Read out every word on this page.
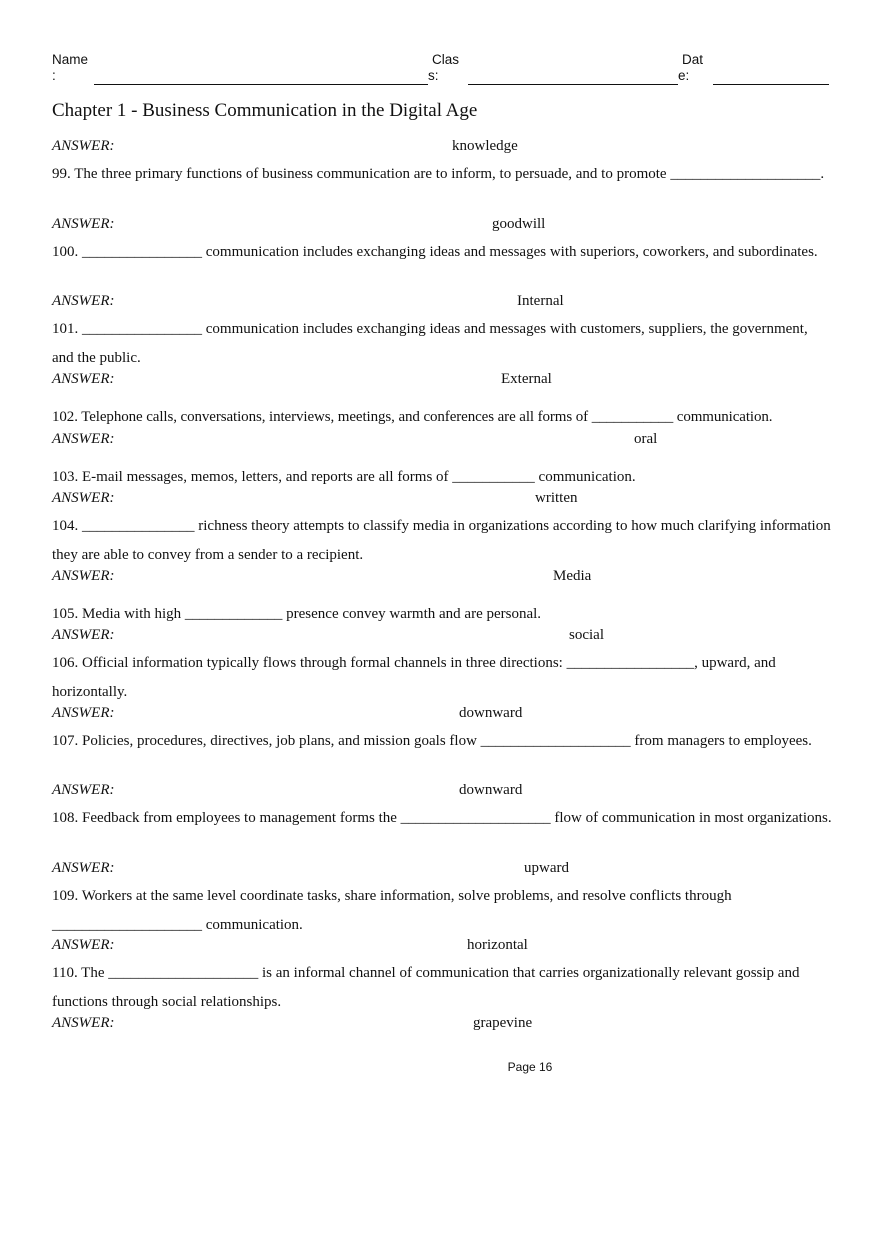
Name
:
Clas
s:
Dat
e:
Chapter 1 - Business Communication in the Digital Age
ANSWER:	knowledge
99. The three primary functions of business communication are to inform, to persuade, and to promote ____________________.
ANSWER:	goodwill
100. ________________ communication includes exchanging ideas and messages with superiors, coworkers, and subordinates.
ANSWER:	Internal
101. ________________ communication includes exchanging ideas and messages with customers, suppliers, the government, and the public.
ANSWER:	External
102. Telephone calls, conversations, interviews, meetings, and conferences are all forms of ___________ communication.
ANSWER:	oral
103. E-mail messages, memos, letters, and reports are all forms of ___________ communication.
ANSWER:	written
104. _______________ richness theory attempts to classify media in organizations according to how much clarifying information they are able to convey from a sender to a recipient.
ANSWER:	Media
105. Media with high _____________ presence convey warmth and are personal.
ANSWER:	social
106. Official information typically flows through formal channels in three directions: _________________, upward, and horizontally.
ANSWER:	downward
107. Policies, procedures, directives, job plans, and mission goals flow ____________________ from managers to employees.
ANSWER:	downward
108. Feedback from employees to management forms the ____________________ flow of communication in most organizations.
ANSWER:	upward
109. Workers at the same level coordinate tasks, share information, solve problems, and resolve conflicts through ____________________ communication.
ANSWER:	horizontal
110. The ____________________ is an informal channel of communication that carries organizationally relevant gossip and functions through social relationships.
ANSWER:	grapevine
Page 16
